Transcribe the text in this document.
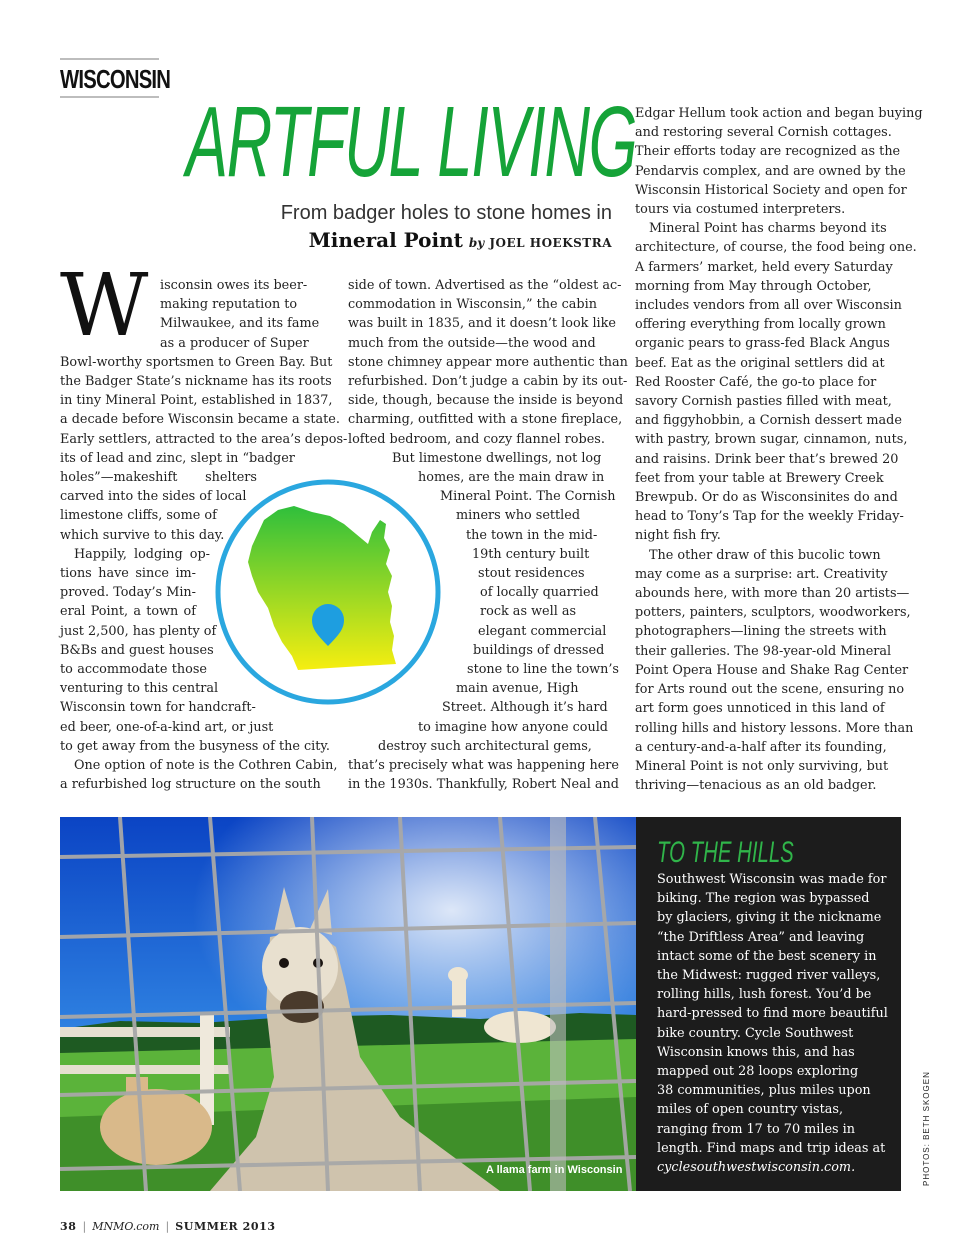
WISCONSIN
ARTFUL LIVING
From badger holes to stone homes in
Mineral Point by JOEL HOEKSTRA
W isconsin owes its beer-
making reputation to
Milwaukee, and its fame
as a producer of Super
Bowl-worthy sportsmen to Green Bay. But
the Badger State’s nickname has its roots
in tiny Mineral Point, established in 1837,
a decade before Wisconsin became a state.
Early settlers, attracted to the area’s depos-
its of lead and zinc, slept in “badger
holes”—makeshift shelters
carved into the sides of local
limestone cliffs, some of
which survive to this day.
Happily, lodging op-
tions have since im-
proved. Today’s Min-
eral Point, a town of
just 2,500, has plenty of
B&Bs and guest houses
to accommodate those
venturing to this central
Wisconsin town for handcraft-
ed beer, one-of-a-kind art, or just
to get away from the busyness of the city.
One option of note is the Cothren Cabin,
a refurbished log structure on the south
side of town. Advertised as the “oldest ac-
commodation in Wisconsin,” the cabin
was built in 1835, and it doesn’t look like
much from the outside—the wood and
stone chimney appear more authentic than
refurbished. Don’t judge a cabin by its out-
side, though, because the inside is beyond
charming, outfitted with a stone fireplace,
lofted bedroom, and cozy flannel robes.
But limestone dwellings, not log
homes, are the main draw in
Mineral Point. The Cornish
miners who settled
the town in the mid-
19th century built
stout residences
of locally quarried
rock as well as
elegant commercial
buildings of dressed
stone to line the town’s
main avenue, High
Street. Although it’s hard
to imagine how anyone could
destroy such architectural gems,
that’s precisely what was happening here
in the 1930s. Thankfully, Robert Neal and
Edgar Hellum took action and began buying
and restoring several Cornish cottages.
Their efforts today are recognized as the
Pendarvis complex, and are owned by the
Wisconsin Historical Society and open for
tours via costumed interpreters.
Mineral Point has charms beyond its
architecture, of course, the food being one.
A farmers’ market, held every Saturday
morning from May through October,
includes vendors from all over Wisconsin
offering everything from locally grown
organic pears to grass-fed Black Angus
beef. Eat as the original settlers did at
Red Rooster Café, the go-to place for
savory Cornish pasties filled with meat,
and figgyhobbin, a Cornish dessert made
with pastry, brown sugar, cinnamon, nuts,
and raisins. Drink beer that’s brewed 20
feet from your table at Brewery Creek
Brewpub. Or do as Wisconsinites do and
head to Tony’s Tap for the weekly Friday-
night fish fry.
The other draw of this bucolic town
may come as a surprise: art. Creativity
abounds here, with more than 20 artists—
potters, painters, sculptors, woodworkers,
photographers—lining the streets with
their galleries. The 98-year-old Mineral
Point Opera House and Shake Rag Center
for Arts round out the scene, ensuring no
art form goes unnoticed in this land of
rolling hills and history lessons. More than
a century-and-a-half after its founding,
Mineral Point is not only surviving, but
thriving—tenacious as an old badger.
A llama farm in Wisconsin
TO THE HILLS
Southwest Wisconsin was made for
biking. The region was bypassed
by glaciers, giving it the nickname
“the Driftless Area” and leaving
intact some of the best scenery in
the Midwest: rugged river valleys,
rolling hills, lush forest. You’d be
hard-pressed to find more beautiful
bike country. Cycle Southwest
Wisconsin knows this, and has
mapped out 28 loops exploring
38 communities, plus miles upon
miles of open country vistas,
ranging from 17 to 70 miles in
length. Find maps and trip ideas at
cyclesouthwestwisconsin.com.	PHOTOS: BETH SKOGEN
38 | MNMO.com | SUMMER 2013
